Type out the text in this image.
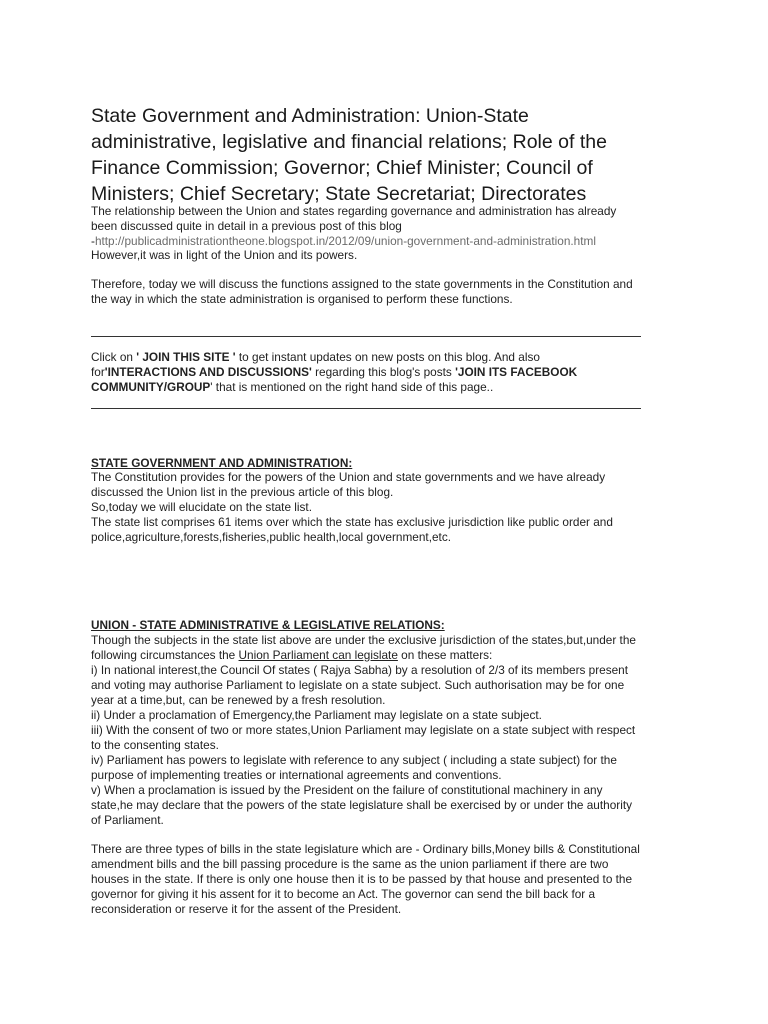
State Government and Administration: Union-State
administrative, legislative and financial relations; Role of the
Finance Commission; Governor; Chief Minister; Council of
Ministers; Chief Secretary; State Secretariat; Directorates
The relationship between the Union and states regarding governance and administration has already
been discussed quite in detail in a previous post of this blog
-http://publicadministrationtheone.blogspot.in/2012/09/union-government-and-administration.html
However,it was in light of the Union and its powers.
Therefore, today we will discuss the functions assigned to the state governments in the Constitution and
the way in which the state administration is organised to perform these functions.
Click on ' JOIN THIS SITE ' to get instant updates on new posts on this blog. And also
for'INTERACTIONS AND DISCUSSIONS' regarding this blog's posts 'JOIN ITS FACEBOOK
COMMUNITY/GROUP' that is mentioned on the right hand side of this page..
STATE GOVERNMENT AND ADMINISTRATION:
The Constitution provides for the powers of the Union and state governments and we have already
discussed the Union list in the previous article of this blog.
So,today we will elucidate on the state list.
The state list comprises 61 items over which the state has exclusive jurisdiction like public order and
police,agriculture,forests,fisheries,public health,local government,etc.
UNION - STATE ADMINISTRATIVE & LEGISLATIVE RELATIONS:
Though the subjects in the state list above are under the exclusive jurisdiction of the states,but,under the
following circumstances the Union Parliament can legislate on these matters:
i) In national interest,the Council Of states ( Rajya Sabha) by a resolution of 2/3 of its members present
and voting may authorise Parliament to legislate on a state subject. Such authorisation may be for one
year at a time,but, can be renewed by a fresh resolution.
ii) Under a proclamation of Emergency,the Parliament may legislate on a state subject.
iii) With the consent of two or more states,Union Parliament may legislate on a state subject with respect
to the consenting states.
iv) Parliament has powers to legislate with reference to any subject ( including a state subject) for the
purpose of implementing treaties or international agreements and conventions.
v) When a proclamation is issued by the President on the failure of constitutional machinery in any
state,he may declare that the powers of the state legislature shall be exercised by or under the authority
of Parliament.
There are three types of bills in the state legislature which are - Ordinary bills,Money bills & Constitutional
amendment bills and the bill passing procedure is the same as the union parliament if there are two
houses in the state. If there is only one house then it is to be passed by that house and presented to the
governor for giving it his assent for it to become an Act. The governor can send the bill back for a
reconsideration or reserve it for the assent of the President.
